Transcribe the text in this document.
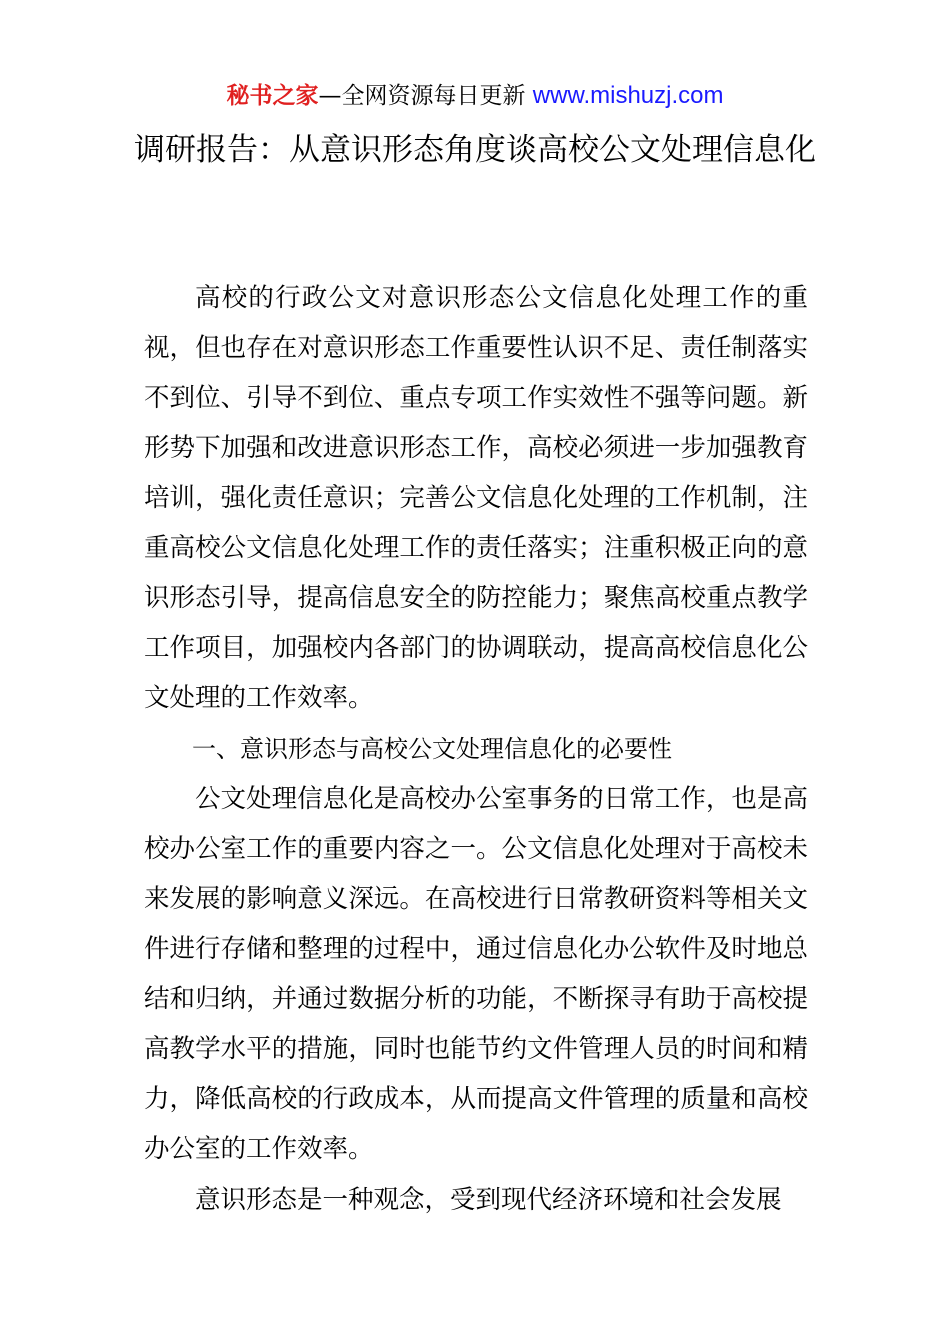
秘书之家—全网资源每日更新 www.mishuzj.com
调研报告：从意识形态角度谈高校公文处理信息化

高校的行政公文对意识形态公文信息化处理工作的重视，但也存在对意识形态工作重要性认识不足、责任制落实不到位、引导不到位、重点专项工作实效性不强等问题。新形势下加强和改进意识形态工作，高校必须进一步加强教育培训，强化责任意识；完善公文信息化处理的工作机制，注重高校公文信息化处理工作的责任落实；注重积极正向的意识形态引导，提高信息安全的防控能力；聚焦高校重点教学工作项目，加强校内各部门的协调联动，提高高校信息化公文处理的工作效率。

一、意识形态与高校公文处理信息化的必要性

公文处理信息化是高校办公室事务的日常工作，也是高校办公室工作的重要内容之一。公文信息化处理对于高校未来发展的影响意义深远。在高校进行日常教研资料等相关文件进行存储和整理的过程中，通过信息化办公软件及时地总结和归纳，并通过数据分析的功能，不断探寻有助于高校提高教学水平的措施，同时也能节约文件管理人员的时间和精力，降低高校的行政成本，从而提高文件管理的质量和高校办公室的工作效率。

意识形态是一种观念，受到现代经济环境和社会发展
